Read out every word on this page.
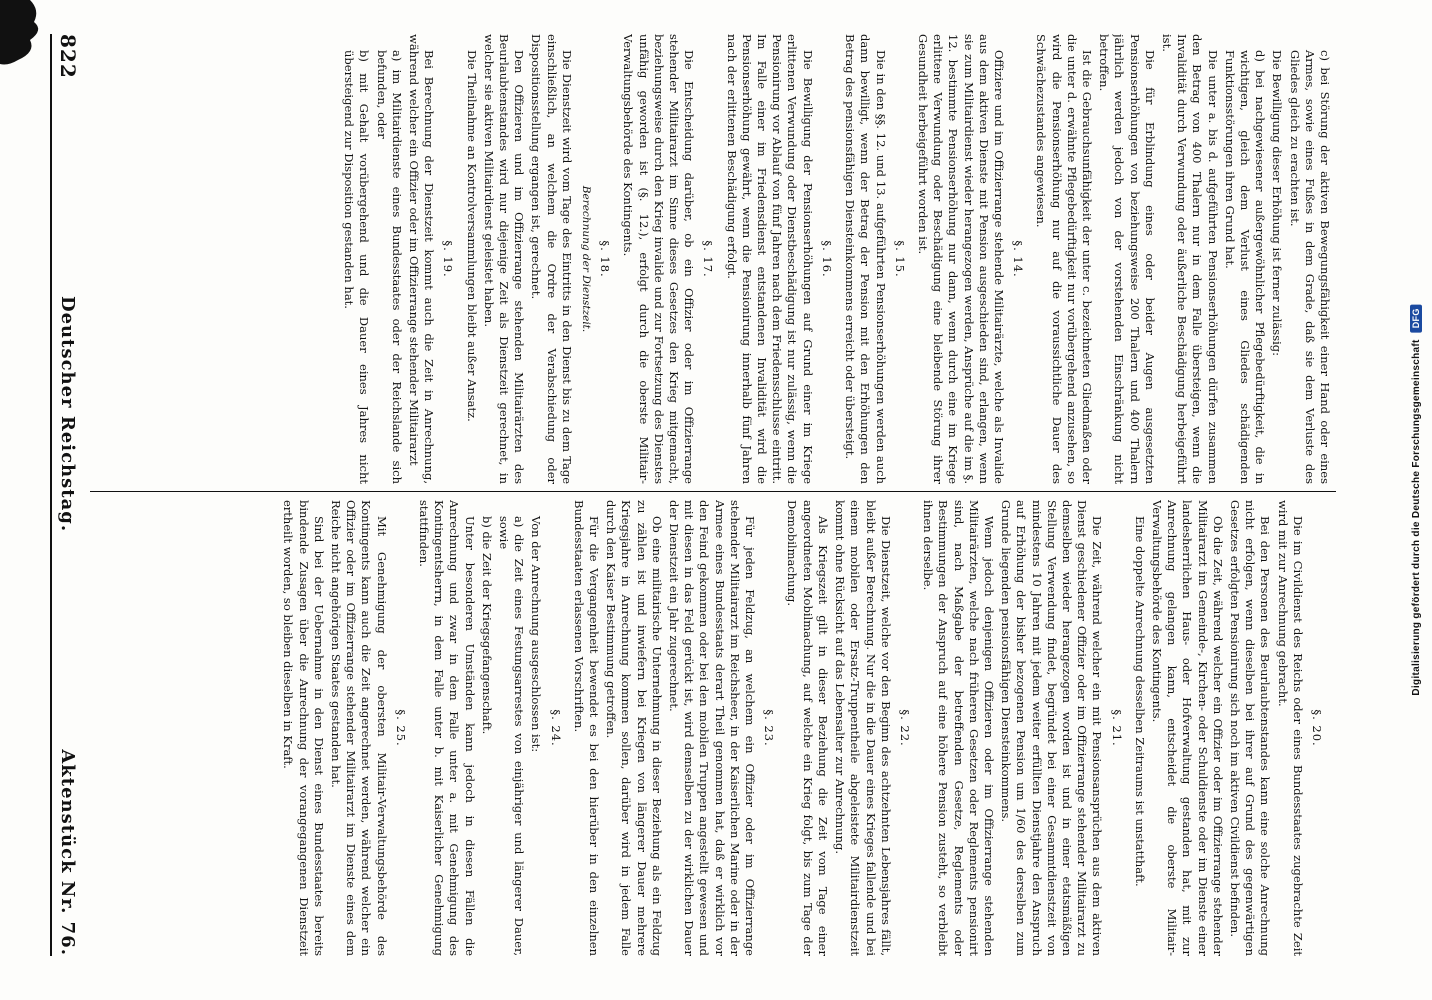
822
Deutscher Reichstag.
Aktenstück Nr. 76.

c) bei Störung der aktiven Bewegungsfähigkeit einer Hand oder eines Armes, sowie eines Fußes in dem Grade, daß sie dem Verluste des Gliedes gleich zu erachten ist.

Die Bewilligung dieser Erhöhung ist ferner zulässig:

d) bei nachgewiesener außergewöhnlicher Pflegebedürftigkeit, die in wichtigen, gleich dem Verlust eines Gliedes schädigenden Funktionsstörungen ihren Grund hat.

Die unter a. bis d. aufgeführten Pensionserhöhungen dürfen zusammen den Betrag von 400 Thalern nur in dem Falle übersteigen, wenn die Invalidität durch Verwundung oder äußerliche Beschädigung herbeigeführt ist.

Die für Erblindung eines oder beider Augen ausgesetzten Pensionserhöhungen von beziehungsweise 200 Thalern und 400 Thalern jährlich werden jedoch von der vorstehenden Einschränkung nicht betroffen.

Ist die Gebrauchsunfähigkeit der unter c. bezeichneten Gliedmaßen oder die unter d. erwähnte Pflegebedürftigkeit nur vorübergehend anzusehen, so wird die Pensionserhöhung nur auf die voraussichtliche Dauer des Schwächezustandes angewiesen.

§. 14.

Offiziere und im Offizierrange stehende Militairärzte, welche als Invalide aus dem aktiven Dienste mit Pension ausgeschieden sind, erlangen, wenn sie zum Militairdienst wieder herangezogen werden, Ansprüche auf die im §. 12. bestimmte Pensionserhöhung nur dann, wenn durch eine im Kriege erlittene Verwundung oder Beschädigung eine bleibende Störung ihrer Gesundheit herbeigeführt worden ist.

§. 15.

Die in den §§. 12. und 13. aufgeführten Pensionserhöhungen werden auch dann bewilligt, wenn der Betrag der Pension mit den Erhöhungen den Betrag des pensionsfähigen Diensteinkommens erreicht oder übersteigt.

§. 16.

Die Bewilligung der Pensionserhöhungen auf Grund einer im Kriege erlittenen Verwundung oder Dienstbeschädigung ist nur zulässig, wenn die Pensionirung vor Ablauf von fünf Jahren nach dem Friedensschlusse eintritt. Im Falle einer im Friedensdienst entstandenen Invalidität wird die Pensionserhöhung gewährt, wenn die Pensionirung innerhalb fünf Jahren nach der erlittenen Beschädigung erfolgt.

§. 17.

Die Entscheidung darüber, ob ein Offizier oder im Offizierrange stehender Militairarzt im Sinne dieses Gesetzes den Krieg mitgemacht, beziehungsweise durch den Krieg invalide und zur Fortsetzung des Dienstes unfähig geworden ist (§. 12.), erfolgt durch die oberste Militair-Verwaltungsbehörde des Kontingents.

§. 18.
Berechnung der Dienstzeit.

Die Dienstzeit wird vom Tage des Eintritts in den Dienst bis zu dem Tage einschließlich, an welchem die Ordre der Verabschiedung oder Dispositionsstellung ergangen ist, gerechnet.

Den Offizieren und im Offizierrange stehenden Militairärzten des Beurlaubtenstandes wird nur diejenige Zeit als Dienstzeit gerechnet, in welcher sie aktiven Militairdienst geleistet haben.

Die Theilnahme an Kontrolversammlungen bleibt außer Ansatz.

§. 19.

Bei Berechnung der Dienstzeit kommt auch die Zeit in Anrechnung, während welcher ein Offizier oder im Offizierrange stehender Militairarzt

a) im Militairdienste eines Bundesstaates oder der Reichslande sich befunden, oder

b) mit Gehalt vorübergehend und die Dauer eines Jahres nicht übersteigend zur Disposition gestanden hat.

§. 20.

Die im Civildienst des Reichs oder eines Bundesstaates zugebrachte Zeit wird mit zur Anrechnung gebracht.

Bei den Personen des Beurlaubtenstandes kann eine solche Anrechnung nicht erfolgen, wenn dieselben bei ihrer auf Grund des gegenwärtigen Gesetzes erfolgten Pensionirung sich noch im aktiven Civildienst befinden.

Ob die Zeit, während welcher ein Offizier oder im Offizierrange stehender Militairarzt im Gemeinde-, Kirchen- oder Schuldienste oder im Dienste einer landesherrlichen Haus- oder Hofverwaltung gestanden hat, mit zur Anrechnung gelangen kann, entscheidet die oberste Militair-Verwaltungsbehörde des Kontingents.

Eine doppelte Anrechnung desselben Zeitraums ist unstatthaft.

§. 21.

Die Zeit, während welcher ein mit Pensionsansprüchen aus dem aktiven Dienst geschiedener Offizier oder im Offizierrange stehender Militairarzt zu demselben wieder herangezogen worden ist und in einer etatsmäßigen Stellung Verwendung findet, begründet bei einer Gesammtdienstzeit von mindestens 10 Jahren mit jedem weiter erfüllten Dienstjahre den Anspruch auf Erhöhung der bisher bezogenen Pension um 1/60 des derselben zum Grunde liegenden pensionsfähigen Diensteinkommens.

Wenn jedoch denjenigen Offizieren oder im Offizierrange stehenden Militairärzten, welche nach früheren Gesetzen oder Reglements pensionirt sind, nach Maßgabe der betreffenden Gesetze, Reglements oder Bestimmungen der Anspruch auf eine höhere Pension zusteht, so verbleibt ihnen derselbe.

§. 22.

Die Dienstzeit, welche vor den Beginn des achtzehnten Lebensjahres fällt, bleibt außer Berechnung. Nur die in die Dauer eines Krieges fallende und bei einem mobilen oder Ersatz-Truppentheile abgeleistete Militairdienstzeit kommt ohne Rücksicht auf das Lebensalter zur Anrechnung.

Als Kriegszeit gilt in dieser Beziehung die Zeit vom Tage einer angeordneten Mobilmachung, auf welche ein Krieg folgt, bis zum Tage der Demobilmachung.

§. 23.

Für jeden Feldzug, an welchem ein Offizier oder im Offizierrange stehender Militairarzt im Reichsheer, in der Kaiserlichen Marine oder in der Armee eines Bundesstaats derart Theil genommen hat, daß er wirklich vor den Feind gekommen oder bei den mobilen Truppen angestellt gewesen und mit diesen in das Feld gerückt ist, wird demselben zu der wirklichen Dauer der Dienstzeit ein Jahr zugerechnet.

Ob eine militairische Unternehmung in dieser Beziehung als ein Feldzug zu zählen ist und inwiefern bei Kriegen von längerer Dauer mehrere Kriegsjahre in Anrechnung kommen sollen, darüber wird in jedem Falle durch den Kaiser Bestimmung getroffen.

Für die Vergangenheit bewendet es bei den hierüber in den einzelnen Bundesstaaten erlassenen Vorschriften.

§. 24.

Von der Anrechnung ausgeschlossen ist:

a) die Zeit eines Festungsarrestes von einjähriger und längerer Dauer, sowie

b) die Zeit der Kriegsgefangenschaft.

Unter besonderen Umständen kann jedoch in diesen Fällen die Anrechnung und zwar in dem Falle unter a. mit Genehmigung des Kontingentsherrn, in dem Falle unter b. mit Kaiserlicher Genehmigung stattfinden.

§. 25.

Mit Genehmigung der obersten Militair-Verwaltungsbehörde des Kontingents kann auch die Zeit angerechnet werden, während welcher ein Offizier oder im Offizierrange stehender Militairarzt im Dienste eines dem Reiche nicht angehörigen Staates gestanden hat.

Sind bei der Uebernahme in den Dienst eines Bundesstaates bereits bindende Zusagen über die Anrechnung der vorangegangenen Dienstzeit ertheilt worden, so bleiben dieselben in Kraft.	Digitalisierung gefördert durch die Deutsche Forschungsgemeinschaft DFG
